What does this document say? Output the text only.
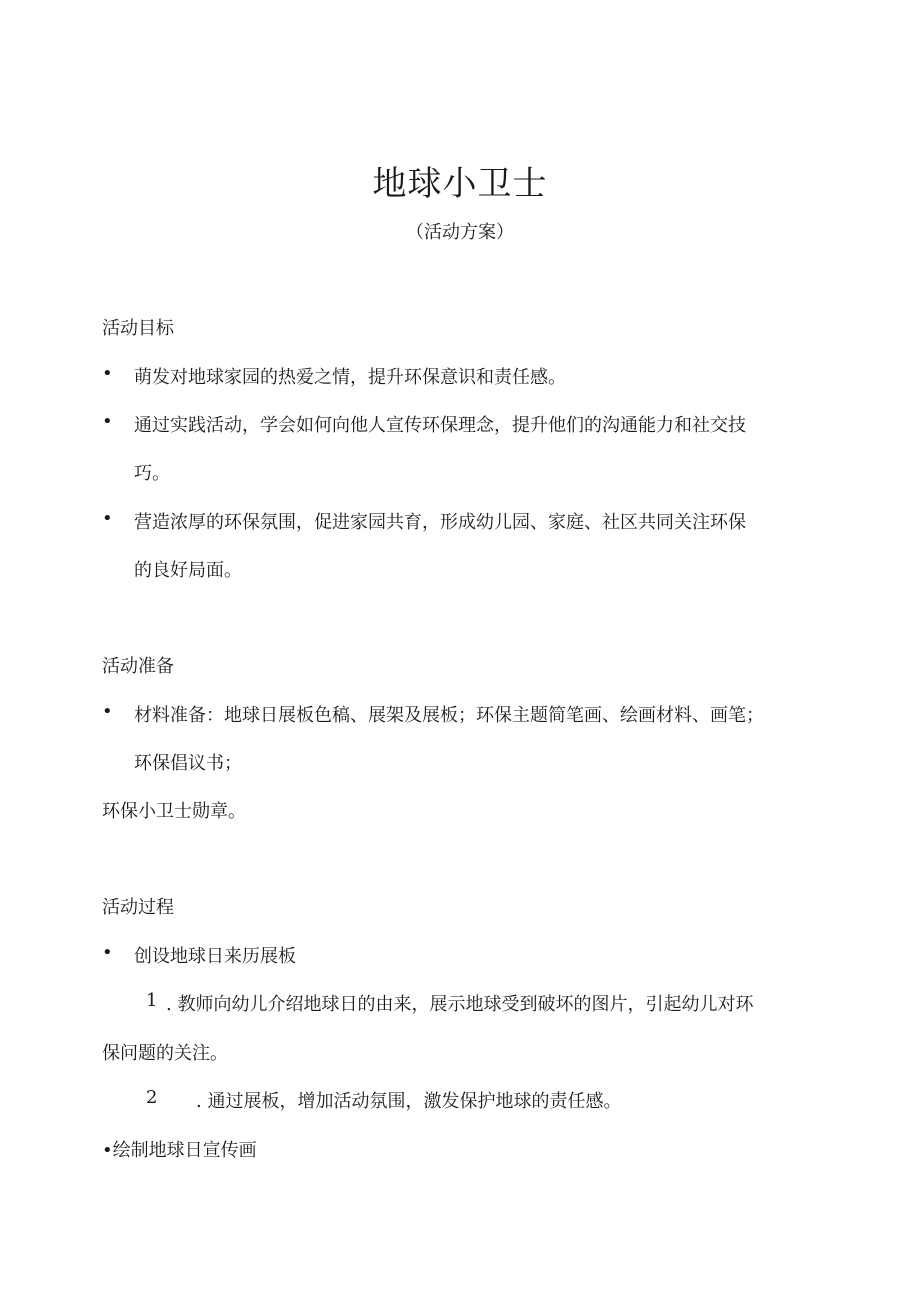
地球小卫士
（活动方案）
活动目标
• 萌发对地球家园的热爱之情，提升环保意识和责任感。
• 通过实践活动，学会如何向他人宣传环保理念，提升他们的沟通能力和社交技
巧。
• 营造浓厚的环保氛围，促进家园共育，形成幼儿园、家庭、社区共同关注环保
的良好局面。
活动准备
• 材料准备：地球日展板色稿、展架及展板；环保主题简笔画、绘画材料、画笔；
环保倡议书；
环保小卫士勋章。
活动过程
• 创设地球日来历展板
1 . 教师向幼儿介绍地球日的由来，展示地球受到破坏的图片，引起幼儿对环
保问题的关注。
2 . 通过展板，增加活动氛围，激发保护地球的责任感。
•绘制地球日宣传画
